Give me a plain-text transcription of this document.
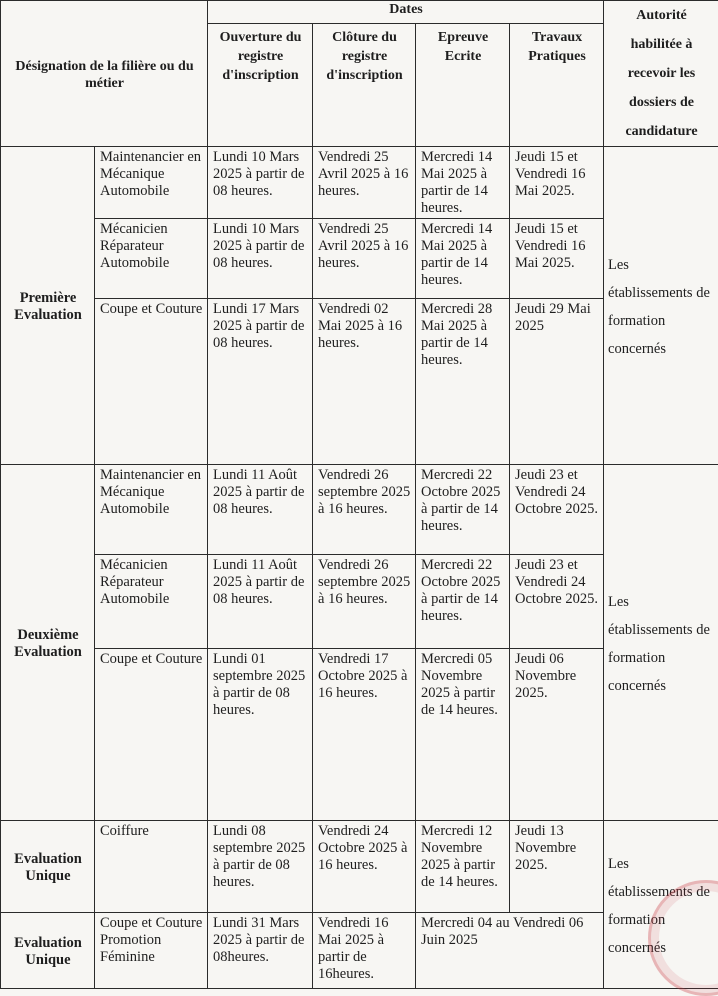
Désignation de la filière ou du métier		Dates				Autorité habilitée à recevoir les dossiers de candidature
		Ouverture du registre d'inscription	Clôture du registre d'inscription	Epreuve Ecrite	Travaux Pratiques	
Première Evaluation	Maintenancier en Mécanique Automobile	Lundi 10 Mars 2025 à partir de 08 heures.	Vendredi 25 Avril 2025 à 16 heures.	Mercredi 14 Mai 2025 à partir de 14 heures.	Jeudi 15 et Vendredi 16 Mai 2025.	Les établissements de formation concernés
	Mécanicien Réparateur Automobile	Lundi 10 Mars 2025 à partir de 08 heures.	Vendredi 25 Avril 2025 à 16 heures.	Mercredi 14 Mai 2025 à partir de 14 heures.	Jeudi 15 et Vendredi 16 Mai 2025.	
	Coupe et Couture	Lundi 17 Mars 2025 à partir de 08 heures.	Vendredi 02 Mai 2025 à 16 heures.	Mercredi 28 Mai 2025 à partir de 14 heures.	Jeudi 29 Mai 2025	
Deuxième Evaluation	Maintenancier en Mécanique Automobile	Lundi 11 Août 2025 à partir de 08 heures.	Vendredi 26 septembre 2025 à 16 heures.	Mercredi 22 Octobre 2025 à partir de 14 heures.	Jeudi 23 et Vendredi 24 Octobre 2025.	Les établissements de formation concernés
	Mécanicien Réparateur Automobile	Lundi 11 Août 2025 à partir de 08 heures.	Vendredi 26 septembre 2025 à 16 heures.	Mercredi 22 Octobre 2025 à partir de 14 heures.	Jeudi 23 et Vendredi 24 Octobre 2025.	
	Coupe et Couture	Lundi 01 septembre 2025 à partir de 08 heures.	Vendredi 17 Octobre 2025 à 16 heures.	Mercredi 05 Novembre 2025 à partir de 14 heures.	Jeudi 06 Novembre 2025.	
Evaluation Unique	Coiffure	Lundi 08 septembre 2025 à partir de 08 heures.	Vendredi 24 Octobre 2025 à 16 heures.	Mercredi 12 Novembre 2025 à partir de 14 heures.	Jeudi 13 Novembre 2025.	Les établissements de formation concernés
Evaluation Unique	Coupe et Couture Promotion Féminine	Lundi 31 Mars 2025 à partir de 08heures.	Vendredi 16 Mai 2025 à partir de 16heures.	Mercredi 04 au Vendredi 06 Juin 2025		
